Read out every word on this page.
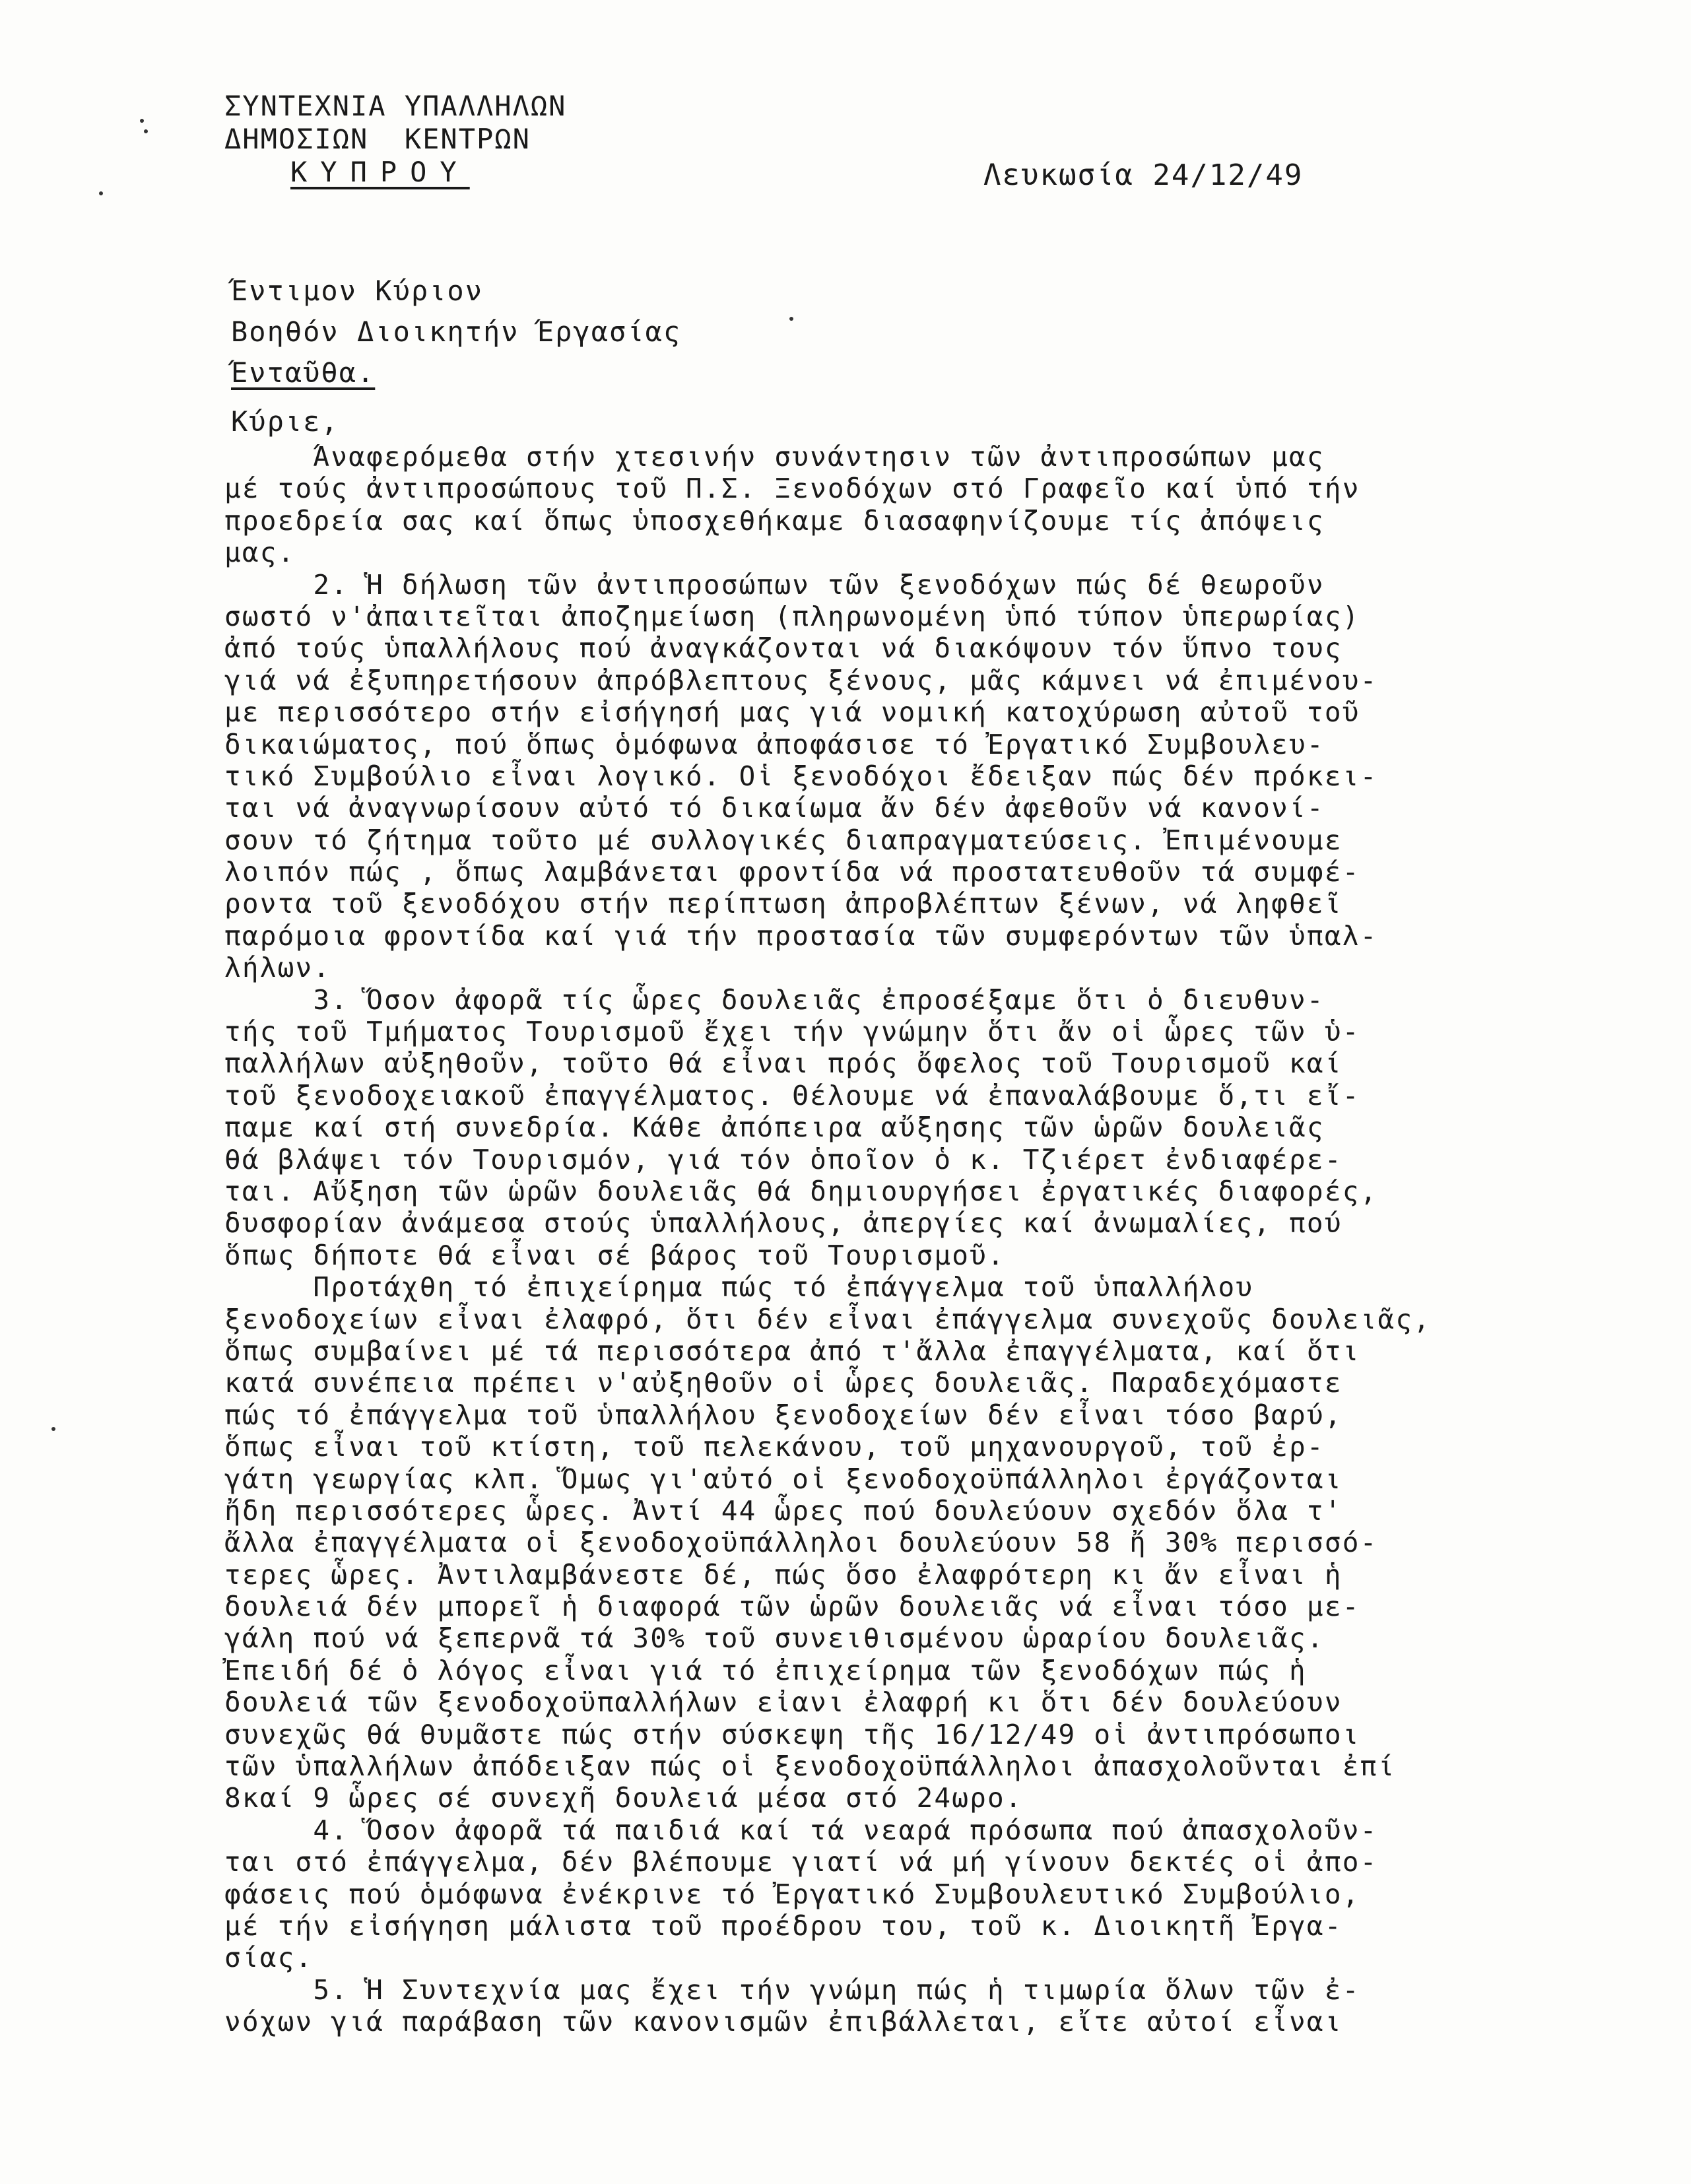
ΣΥΝΤΕΧΝΙΑ ΥΠΑΛΛΗΛΩΝ
ΔΗΜΟΣΙΩΝ  ΚΕΝΤΡΩΝ
ΚΥΠΡΟΥ	Λευκωσία 24/12/49
Έντιμον Κύριον
Βοηθόν Διοικητήν Έργασίας
Ένταῦθα.
Κύριε,
Άναφερόμεθα στήν χτεσινήν συνάντησιν τῶν ἀντιπροσώπων μας
μέ τούς ἀντιπροσώπους τοῦ Π.Σ. Ξενοδόχων στό Γραφεῖο καί ὑπό τήν
προεδρεία σας καί ὅπως ὑποσχεθήκαμε διασαφηνίζουμε τίς ἀπόψεις
μας.
2. Ἡ δήλωση τῶν ἀντιπροσώπων τῶν ξενοδόχων πώς δέ θεωροῦν
σωστό ν'ἀπαιτεῖται ἀποζημείωση (πληρωνομένη ὑπό τύπον ὑπερωρίας)
ἀπό τούς ὑπαλλήλους πού ἀναγκάζονται νά διακόψουν τόν ὕπνο τους
γιά νά ἐξυπηρετήσουν ἀπρόβλεπτους ξένους, μᾶς κάμνει νά ἐπιμένου-
με περισσότερο στήν εἰσήγησή μας γιά νομική κατοχύρωση αὐτοῦ τοῦ
δικαιώματος, πού ὅπως ὁμόφωνα ἀποφάσισε τό Ἐργατικό Συμβουλευ-
τικό Συμβούλιο εἶναι λογικό. Οἱ ξενοδόχοι ἔδειξαν πώς δέν πρόκει-
ται νά ἀναγνωρίσουν αὐτό τό δικαίωμα ἄν δέν ἀφεθοῦν νά κανονί-
σουν τό ζήτημα τοῦτο μέ συλλογικές διαπραγματεύσεις. Ἐπιμένουμε
λοιπόν πώς , ὅπως λαμβάνεται φροντίδα νά προστατευθοῦν τά συμφέ-
ροντα τοῦ ξενοδόχου στήν περίπτωση ἀπροβλέπτων ξένων, νά ληφθεῖ
παρόμοια φροντίδα καί γιά τήν προστασία τῶν συμφερόντων τῶν ὑπαλ-
λήλων.
3. Ὅσον ἀφορᾶ τίς ὧρες δουλειᾶς ἐπροσέξαμε ὅτι ὁ διευθυν-
τής τοῦ Τμήματος Τουρισμοῦ ἔχει τήν γνώμην ὅτι ἄν οἱ ὧρες τῶν ὑ-
παλλήλων αὐξηθοῦν, τοῦτο θά εἶναι πρός ὄφελος τοῦ Τουρισμοῦ καί
τοῦ ξενοδοχειακοῦ ἐπαγγέλματος. Θέλουμε νά ἐπαναλάβουμε ὅ,τι εἴ-
παμε καί στή συνεδρία. Κάθε ἀπόπειρα αὔξησης τῶν ὡρῶν δουλειᾶς
θά βλάψει τόν Τουρισμόν, γιά τόν ὁποῖον ὁ κ. Τζιέρετ ἐνδιαφέρε-
ται. Αὔξηση τῶν ὡρῶν δουλειᾶς θά δημιουργήσει ἐργατικές διαφορές,
δυσφορίαν ἀνάμεσα στούς ὑπαλλήλους, ἀπεργίες καί ἀνωμαλίες, πού
ὅπως δήποτε θά εἶναι σέ βάρος τοῦ Τουρισμοῦ.
Προτάχθη τό ἐπιχείρημα πώς τό ἐπάγγελμα τοῦ ὑπαλλήλου
ξενοδοχείων εἶναι ἐλαφρό, ὅτι δέν εἶναι ἐπάγγελμα συνεχοῦς δουλειᾶς,
ὅπως συμβαίνει μέ τά περισσότερα ἀπό τ'ἄλλα ἐπαγγέλματα, καί ὅτι
κατά συνέπεια πρέπει ν'αὐξηθοῦν οἱ ὧρες δουλειᾶς. Παραδεχόμαστε
πώς τό ἐπάγγελμα τοῦ ὑπαλλήλου ξενοδοχείων δέν εἶναι τόσο βαρύ,
ὅπως εἶναι τοῦ κτίστη, τοῦ πελεκάνου, τοῦ μηχανουργοῦ, τοῦ ἐρ-
γάτη γεωργίας κλπ. Ὅμως γι'αὐτό οἱ ξενοδοχοϋπάλληλοι ἐργάζονται
ἤδη περισσότερες ὧρες. Ἀντί 44 ὧρες πού δουλεύουν σχεδόν ὅλα τ'
ἄλλα ἐπαγγέλματα οἱ ξενοδοχοϋπάλληλοι δουλεύουν 58 ἤ 30% περισσό-
τερες ὧρες. Ἀντιλαμβάνεστε δέ, πώς ὅσο ἐλαφρότερη κι ἄν εἶναι ἡ
δουλειά δέν μπορεῖ ἡ διαφορά τῶν ὡρῶν δουλειᾶς νά εἶναι τόσο με-
γάλη πού νά ξεπερνᾶ τά 30% τοῦ συνειθισμένου ὡραρίου δουλειᾶς.
Ἐπειδή δέ ὁ λόγος εἶναι γιά τό ἐπιχείρημα τῶν ξενοδόχων πώς ἡ
δουλειά τῶν ξενοδοχοϋπαλλήλων εἰανι ἐλαφρή κι ὅτι δέν δουλεύουν
συνεχῶς θά θυμᾶστε πώς στήν σύσκεψη τῆς 16/12/49 οἱ ἀντιπρόσωποι
τῶν ὑπαλλήλων ἀπόδειξαν πώς οἱ ξενοδοχοϋπάλληλοι ἀπασχολοῦνται ἐπί
8καί 9 ὧρες σέ συνεχῆ δουλειά μέσα στό 24ωρο.
4. Ὅσον ἀφορᾶ τά παιδιά καί τά νεαρά πρόσωπα πού ἀπασχολοῦν-
ται στό ἐπάγγελμα, δέν βλέπουμε γιατί νά μή γίνουν δεκτές οἱ ἀπο-
φάσεις πού ὁμόφωνα ἐνέκρινε τό Ἐργατικό Συμβουλευτικό Συμβούλιο,
μέ τήν εἰσήγηση μάλιστα τοῦ προέδρου του, τοῦ κ. Διοικητῆ Ἐργα-
σίας.
5. Ἡ Συντεχνία μας ἔχει τήν γνώμη πώς ἡ τιμωρία ὅλων τῶν ἐ-
νόχων γιά παράβαση τῶν κανονισμῶν ἐπιβάλλεται, εἴτε αὐτοί εἶναι
